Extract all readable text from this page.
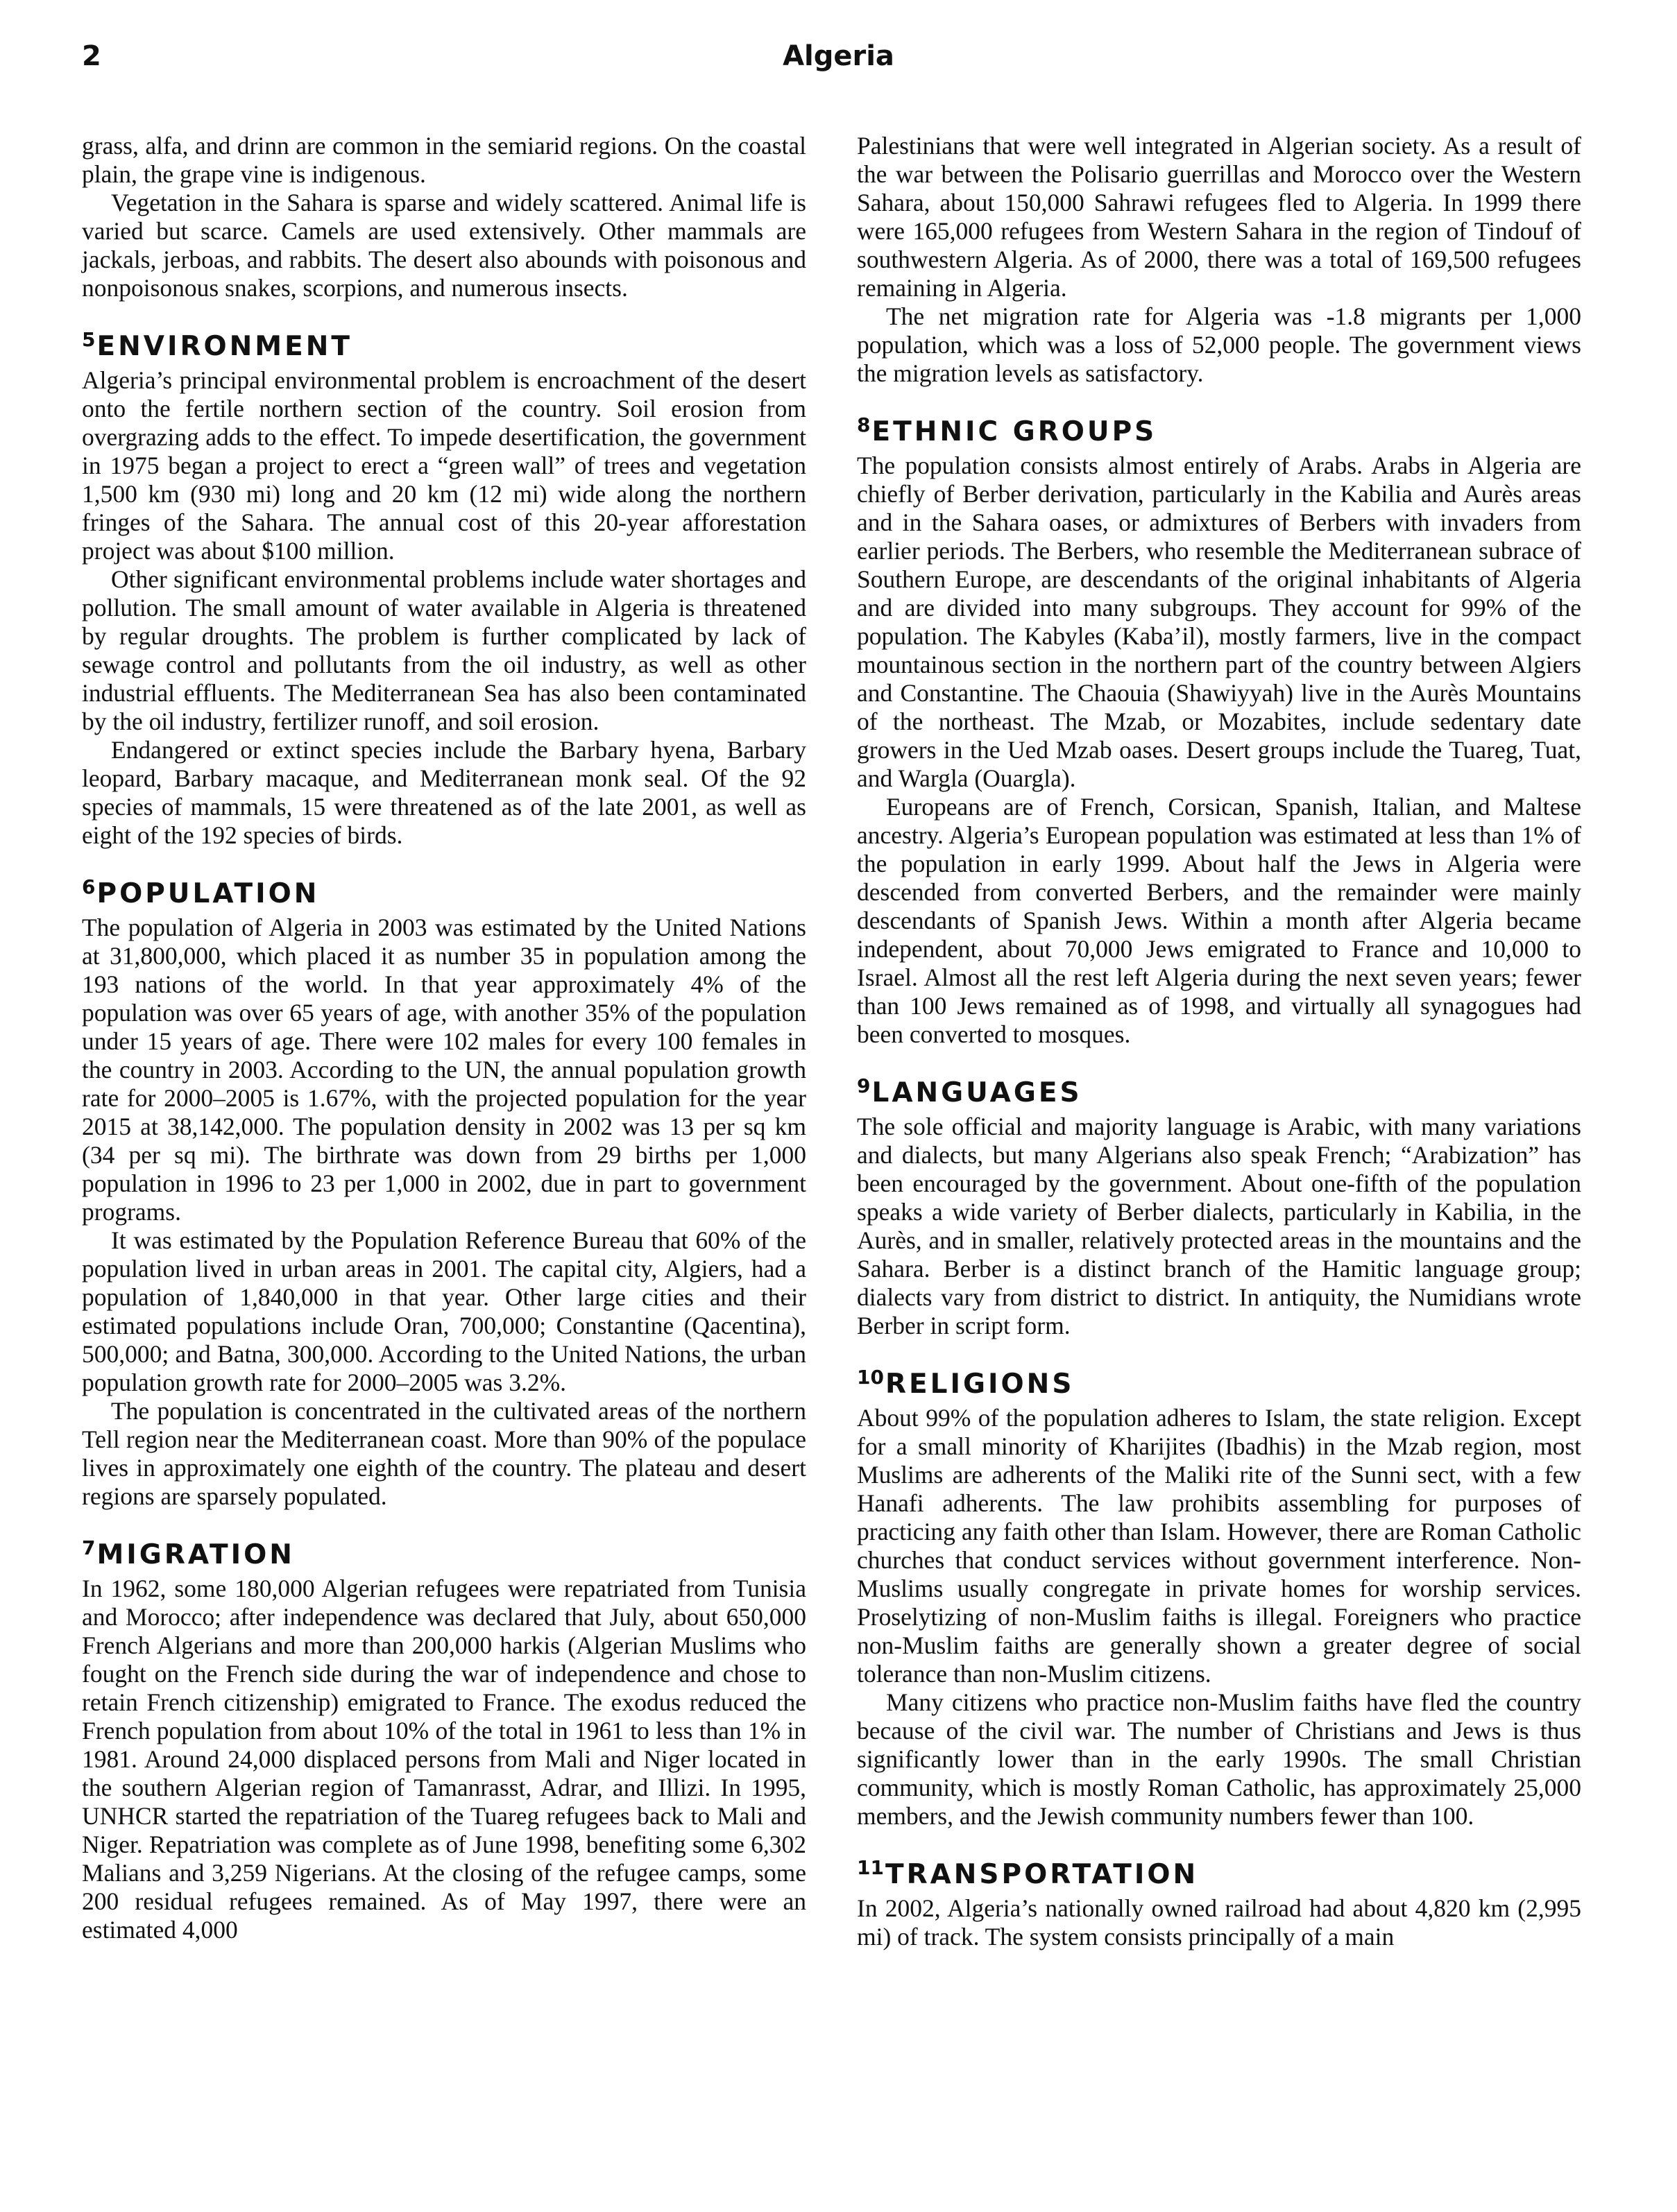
Algeria
2

grass, alfa, and drinn are common in the semiarid regions. On the coastal plain, the grape vine is indigenous.

Vegetation in the Sahara is sparse and widely scattered. Animal life is varied but scarce. Camels are used extensively. Other mammals are jackals, jerboas, and rabbits. The desert also abounds with poisonous and nonpoisonous snakes, scorpions, and numerous insects.

$^5$ENVIRONMENT

Algeria’s principal environmental problem is encroachment of the desert onto the fertile northern section of the country. Soil erosion from overgrazing adds to the effect. To impede desertification, the government in 1975 began a project to erect a “green wall” of trees and vegetation 1,500 km (930 mi) long and 20 km (12 mi) wide along the northern fringes of the Sahara. The annual cost of this 20-year afforestation project was about $100 million.

Other significant environmental problems include water shortages and pollution. The small amount of water available in Algeria is threatened by regular droughts. The problem is further complicated by lack of sewage control and pollutants from the oil industry, as well as other industrial effluents. The Mediterranean Sea has also been contaminated by the oil industry, fertilizer runoff, and soil erosion.

Endangered or extinct species include the Barbary hyena, Barbary leopard, Barbary macaque, and Mediterranean monk seal. Of the 92 species of mammals, 15 were threatened as of the late 2001, as well as eight of the 192 species of birds.

$^6$POPULATION

The population of Algeria in 2003 was estimated by the United Nations at 31,800,000, which placed it as number 35 in population among the 193 nations of the world. In that year approximately 4% of the population was over 65 years of age, with another 35% of the population under 15 years of age. There were 102 males for every 100 females in the country in 2003. According to the UN, the annual population growth rate for 2000–2005 is 1.67%, with the projected population for the year 2015 at 38,142,000. The population density in 2002 was 13 per sq km (34 per sq mi). The birthrate was down from 29 births per 1,000 population in 1996 to 23 per 1,000 in 2002, due in part to government programs.

It was estimated by the Population Reference Bureau that 60% of the population lived in urban areas in 2001. The capital city, Algiers, had a population of 1,840,000 in that year. Other large cities and their estimated populations include Oran, 700,000; Constantine (Qacentina), 500,000; and Batna, 300,000. According to the United Nations, the urban population growth rate for 2000–2005 was 3.2%.

The population is concentrated in the cultivated areas of the northern Tell region near the Mediterranean coast. More than 90% of the populace lives in approximately one eighth of the country. The plateau and desert regions are sparsely populated.

$^7$MIGRATION

In 1962, some 180,000 Algerian refugees were repatriated from Tunisia and Morocco; after independence was declared that July, about 650,000 French Algerians and more than 200,000 harkis (Algerian Muslims who fought on the French side during the war of independence and chose to retain French citizenship) emigrated to France. The exodus reduced the French population from about 10% of the total in 1961 to less than 1% in 1981. Around 24,000 displaced persons from Mali and Niger located in the southern Algerian region of Tamanrasst, Adrar, and Illizi. In 1995, UNHCR started the repatriation of the Tuareg refugees back to Mali and Niger. Repatriation was complete as of June 1998, benefiting some 6,302 Malians and 3,259 Nigerians. At the closing of the refugee camps, some 200 residual refugees remained. As of May 1997, there were an estimated 4,000

Palestinians that were well integrated in Algerian society. As a result of the war between the Polisario guerrillas and Morocco over the Western Sahara, about 150,000 Sahrawi refugees fled to Algeria. In 1999 there were 165,000 refugees from Western Sahara in the region of Tindouf of southwestern Algeria. As of 2000, there was a total of 169,500 refugees remaining in Algeria.

The net migration rate for Algeria was -1.8 migrants per 1,000 population, which was a loss of 52,000 people. The government views the migration levels as satisfactory.

$^8$ETHNIC GROUPS

The population consists almost entirely of Arabs. Arabs in Algeria are chiefly of Berber derivation, particularly in the Kabilia and Aurès areas and in the Sahara oases, or admixtures of Berbers with invaders from earlier periods. The Berbers, who resemble the Mediterranean subrace of Southern Europe, are descendants of the original inhabitants of Algeria and are divided into many subgroups. They account for 99% of the population. The Kabyles (Kaba’il), mostly farmers, live in the compact mountainous section in the northern part of the country between Algiers and Constantine. The Chaouia (Shawiyyah) live in the Aurès Mountains of the northeast. The Mzab, or Mozabites, include sedentary date growers in the Ued Mzab oases. Desert groups include the Tuareg, Tuat, and Wargla (Ouargla).

Europeans are of French, Corsican, Spanish, Italian, and Maltese ancestry. Algeria’s European population was estimated at less than 1% of the population in early 1999. About half the Jews in Algeria were descended from converted Berbers, and the remainder were mainly descendants of Spanish Jews. Within a month after Algeria became independent, about 70,000 Jews emigrated to France and 10,000 to Israel. Almost all the rest left Algeria during the next seven years; fewer than 100 Jews remained as of 1998, and virtually all synagogues had been converted to mosques.

$^9$LANGUAGES

The sole official and majority language is Arabic, with many variations and dialects, but many Algerians also speak French; “Arabization” has been encouraged by the government. About one-fifth of the population speaks a wide variety of Berber dialects, particularly in Kabilia, in the Aurès, and in smaller, relatively protected areas in the mountains and the Sahara. Berber is a distinct branch of the Hamitic language group; dialects vary from district to district. In antiquity, the Numidians wrote Berber in script form.

$^{10}$RELIGIONS

About 99% of the population adheres to Islam, the state religion. Except for a small minority of Kharijites (Ibadhis) in the Mzab region, most Muslims are adherents of the Maliki rite of the Sunni sect, with a few Hanafi adherents. The law prohibits assembling for purposes of practicing any faith other than Islam. However, there are Roman Catholic churches that conduct services without government interference. Non-Muslims usually congregate in private homes for worship services. Proselytizing of non-Muslim faiths is illegal. Foreigners who practice non-Muslim faiths are generally shown a greater degree of social tolerance than non-Muslim citizens.

Many citizens who practice non-Muslim faiths have fled the country because of the civil war. The number of Christians and Jews is thus significantly lower than in the early 1990s. The small Christian community, which is mostly Roman Catholic, has approximately 25,000 members, and the Jewish community numbers fewer than 100.

$^{11}$TRANSPORTATION

In 2002, Algeria’s nationally owned railroad had about 4,820 km (2,995 mi) of track. The system consists principally of a main
